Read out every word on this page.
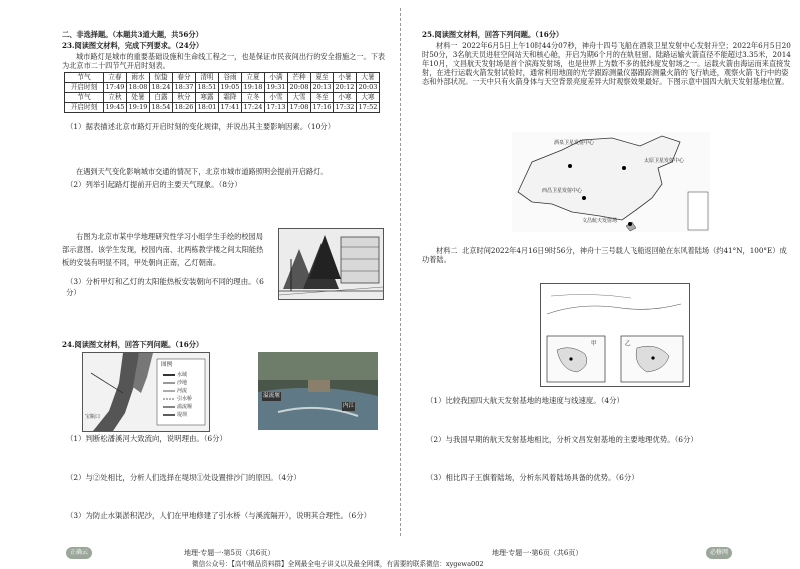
二、非选择题。（本题共3道大题，共56分）
23.阅读图文材料，完成下列要求。（24分）
城市路灯是城市的重要基础设施和生命线工程之一，也是保证市民夜间出行的安全措施之一。下表为北京市二十四节气开启时刻表。
节气	立春	雨水	惊蛰	春分	清明	谷雨	立夏	小满	芒种	夏至	小暑	大暑
开启时刻	17:49	18:08	18:24	18:37	18:51	19:05	19:18	19:31	20:08	20:13	20:12	20:03
节气	立秋	处暑	白露	秋分	寒露	霜降	立冬	小雪	大雪	冬至	小寒	大寒
开启时刻	19:45	19:19	18:54	18:26	18:01	17:41	17:24	17:13	17:08	17:16	17:32	17:52
（1）据表描述北京市路灯开启时刻的变化规律，并说出其主要影响因素。（10分）
在遇到天气变化影响城市交通的情况下，北京市城市道路照明会提前开启路灯。
（2）列举引起路灯提前开启的主要天气现象。（8分）
右图为北京市某中学地理研究性学习小组学生手绘的校园局部示意图。该学生发现，校园内南、北两栋教学楼之间太阳能热板的安装有明显不同，甲处朝向正南，乙灯朝南。
（3）分析甲灯和乙灯的太阳能热板安装朝向不同的理由。（6分）
24.阅读图文材料，回答下列问题。（16分）
图例
水域
沙地
河流
引水桥
溢流堰
堤坝
宝瓶口
溢流堰
内江
（1）判断松潘溪河大致流向，说明理由。（6分）
（2）与②处相比，分析人们选择在堤坝①处设置排沙门的原因。（4分）
（3）为防止水渠淤积泥沙，人们在甲地修建了引水桥（与溪流隔开），说明其合理性。（6分）
25.阅读图文材料，回答下列问题。（16分）
材料一  2022年6月5日上午10时44分07秒，神舟十四号飞船在酒泉卫星发射中心发射升空；2022年6月5日20时50分，3名航天员进驻空间站天和核心舱，开启为期6个月的在轨驻留。陆路运输火箭直径不能超过3.35米，2014年10月，文昌航天发射场是首个滨海发射场，也是世界上为数不多的低纬度发射场之一。运载火箭由海运而来直接发射，在进行运载火箭发射试验时，通常利用地面的光学跟踪测量仪器跟踪测量火箭的飞行轨迹，观察火箭飞行中的姿态和外部状况。一天中只有火箭身体与天空背景亮度差异大时观察效果最好。下图示意中国四大航天发射基地位置。
酒泉卫星发射中心
太原卫星发射中心
西昌卫星发射中心
文昌航天发射场
材料二  北京时间2022年4月16日9时56分，神舟十三号载人飞船返回舱在东风着陆场（约41°N，100°E）成功着陆。
甲	乙
（1）比较我国四大航天发射基地的地速度与线速度。（4分）
（2）与我国早期的航天发射基地相比，分析文昌发射基地的主要地理优势。（6分）
（3）相比四子王旗着陆场，分析东风着陆场具备的优势。（6分）
正确云	地理·专题一·第5页（共6页）	地理·专题一·第6页（共6页）	必修网
微信公众号：【高中精品资料群】全网最全电子讲义以及最全网课，有需要的联系微信：xygewa002
